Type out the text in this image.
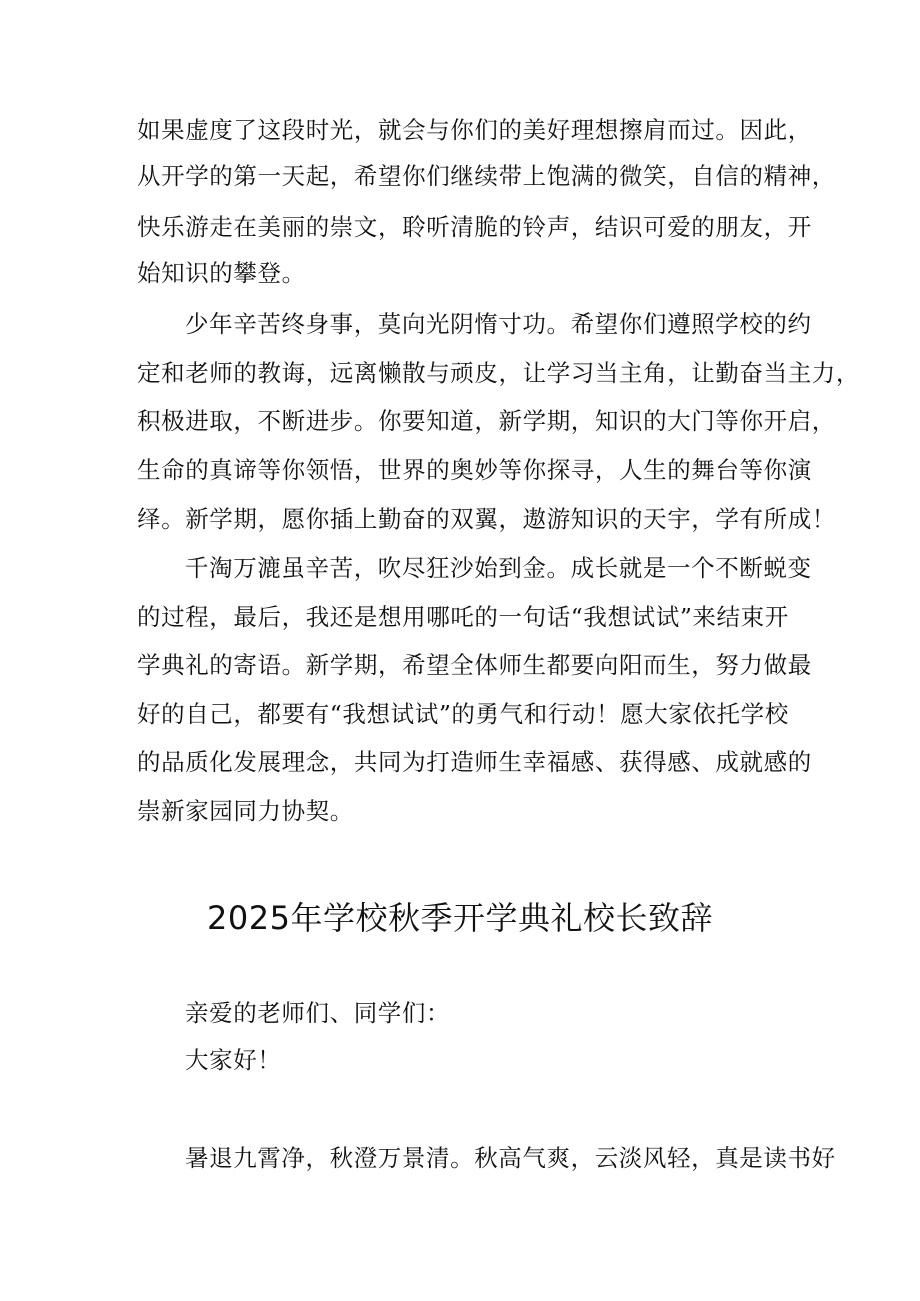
如果虚度了这段时光，就会与你们的美好理想擦肩而过。因此，
从开学的第一天起，希望你们继续带上饱满的微笑，自信的精神，
快乐游走在美丽的崇文，聆听清脆的铃声，结识可爱的朋友，开
始知识的攀登。
少年辛苦终身事，莫向光阴惰寸功。希望你们遵照学校的约
定和老师的教诲，远离懒散与顽皮，让学习当主角，让勤奋当主力，
积极进取，不断进步。你要知道，新学期，知识的大门等你开启，
生命的真谛等你领悟，世界的奥妙等你探寻，人生的舞台等你演
绎。新学期，愿你插上勤奋的双翼，遨游知识的天宇，学有所成！
千淘万漉虽辛苦，吹尽狂沙始到金。成长就是一个不断蜕变
的过程，最后，我还是想用哪吒的一句话“我想试试”来结束开
学典礼的寄语。新学期，希望全体师生都要向阳而生，努力做最
好的自己，都要有“我想试试”的勇气和行动！愿大家依托学校
的品质化发展理念，共同为打造师生幸福感、获得感、成就感的
崇新家园同力协契。
2025年学校秋季开学典礼校长致辞
亲爱的老师们、同学们：
大家好！
暑退九霄净，秋澄万景清。秋高气爽，云淡风轻，真是读书好
